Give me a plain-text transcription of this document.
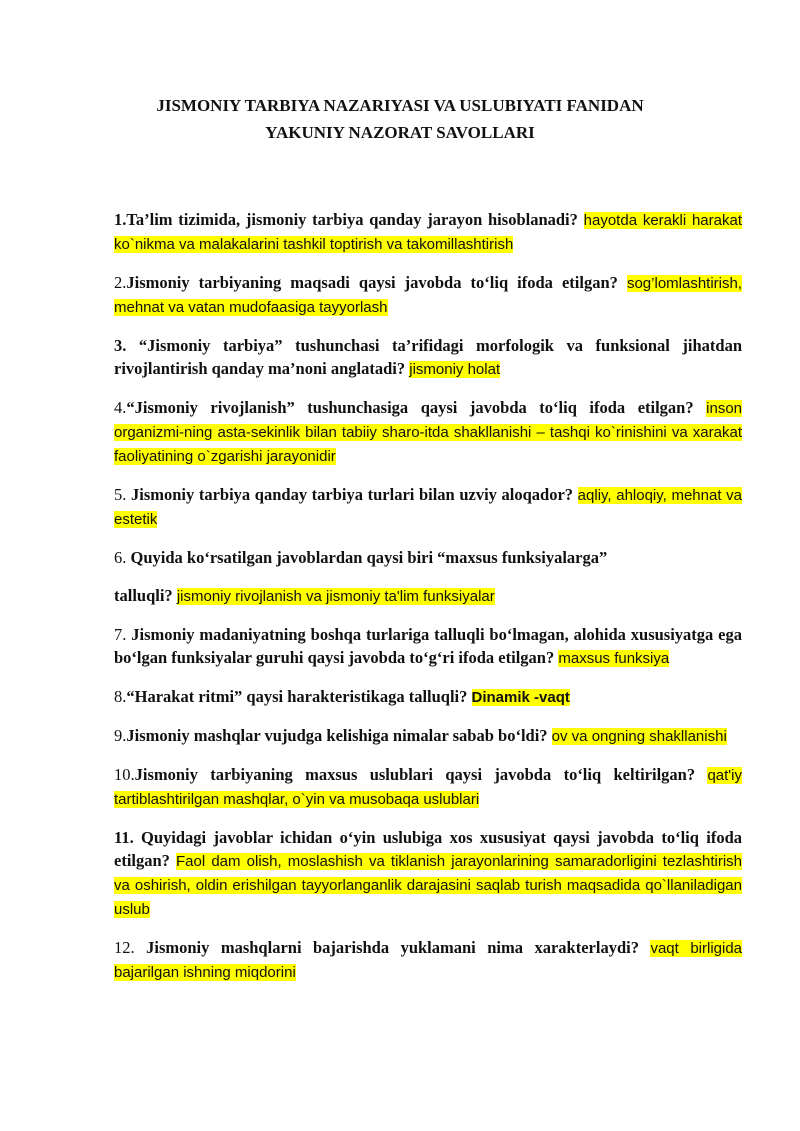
JISMONIY TARBIYA NAZARIYASI VA USLUBIYATI FANIDAN
YAKUNIY NAZORAT SAVOLLARI

1.Ta’lim tizimida, jismoniy tarbiya qanday jarayon hisoblanadi? hayotda kerakli harakat ko`nikma va malakalarini tashkil toptirish va takomillashtirish

2.Jismoniy tarbiyaning maqsadi qaysi javobda to‘liq ifoda etilgan? sog’lomlashtirish, mehnat va vatan mudofaasiga tayyorlash

3. “Jismoniy tarbiya” tushunchasi ta’rifidagi morfologik va funksional jihatdan rivojlantirish qanday ma’noni anglatadi? jismoniy holat

4.“Jismoniy rivojlanish” tushunchasiga qaysi javobda to‘liq ifoda etilgan? inson organizmi-ning asta-sekinlik bilan tabiiy sharo-itda shakllanishi – tashqi ko`rinishini va xarakat faoliyatining o`zgarishi jarayonidir

5. Jismoniy tarbiya qanday tarbiya turlari bilan uzviy aloqador? aqliy, ahloqiy, mehnat va estetik

6. Quyida ko‘rsatilgan javoblardan qaysi biri “maxsus funksiyalarga”

talluqli? jismoniy rivojlanish va jismoniy ta'lim funksiyalar

7. Jismoniy madaniyatning boshqa turlariga talluqli bo‘lmagan, alohida xususiyatga ega bo‘lgan funksiyalar guruhi qaysi javobda to‘g‘ri ifoda etilgan? maxsus funksiya

8.“Harakat ritmi” qaysi harakteristikaga talluqli? Dinamik -vaqt

9.Jismoniy mashqlar vujudga kelishiga nimalar sabab bo‘ldi? ov va ongning shakllanishi

10.Jismoniy tarbiyaning maxsus uslublari qaysi javobda to‘liq keltirilgan? qat'iy tartiblashtirilgan mashqlar, o`yin va musobaqa uslublari

11. Quyidagi javoblar ichidan o‘yin uslubiga xos xususiyat qaysi javobda to‘liq ifoda etilgan? Faol dam olish, moslashish va tiklanish jarayonlarining samaradorligini tezlashtirish va oshirish, oldin erishilgan tayyorlanganlik darajasini saqlab turish maqsadida qo`llaniladigan uslub

12. Jismoniy mashqlarni bajarishda yuklamani nima xarakterlaydi? vaqt birligida bajarilgan ishning miqdorini
